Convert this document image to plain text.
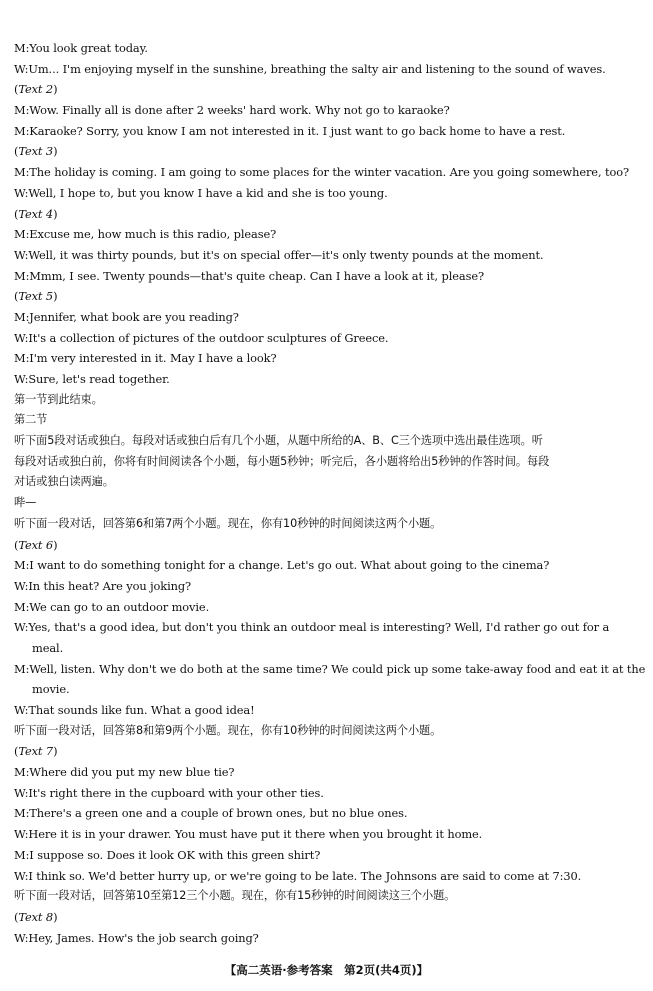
M:You look great today.
W:Um... I'm enjoying myself in the sunshine, breathing the salty air and listening to the sound of waves.
(Text 2)
M:Wow. Finally all is done after 2 weeks' hard work. Why not go to karaoke?
M:Karaoke? Sorry, you know I am not interested in it. I just want to go back home to have a rest.
(Text 3)
M:The holiday is coming. I am going to some places for the winter vacation. Are you going somewhere, too?
W:Well, I hope to, but you know I have a kid and she is too young.
(Text 4)
M:Excuse me, how much is this radio, please?
W:Well, it was thirty pounds, but it's on special offer—it's only twenty pounds at the moment.
M:Mmm, I see. Twenty pounds—that's quite cheap. Can I have a look at it, please?
(Text 5)
M:Jennifer, what book are you reading?
W:It's a collection of pictures of the outdoor sculptures of Greece.
M:I'm very interested in it. May I have a look?
W:Sure, let's read together.
第一节到此结束。
第二节
听下面5段对话或独白。每段对话或独白后有几个小题，从题中所给的A、B、C三个选项中选出最佳选项。听
每段对话或独白前，你将有时间阅读各个小题，每小题5秒钟；听完后，各小题将给出5秒钟的作答时间。每段
对话或独白读两遍。
哔—
听下面一段对话，回答第6和第7两个小题。现在，你有10秒钟的时间阅读这两个小题。
(Text 6)
M:I want to do something tonight for a change. Let's go out. What about going to the cinema?
W:In this heat? Are you joking?
M:We can go to an outdoor movie.
W:Yes, that's a good idea, but don't you think an outdoor meal is interesting? Well, I'd rather go out for a
meal.
M:Well, listen. Why don't we do both at the same time? We could pick up some take-away food and eat it at the
movie.
W:That sounds like fun. What a good idea!
听下面一段对话，回答第8和第9两个小题。现在，你有10秒钟的时间阅读这两个小题。
(Text 7)
M:Where did you put my new blue tie?
W:It's right there in the cupboard with your other ties.
M:There's a green one and a couple of brown ones, but no blue ones.
W:Here it is in your drawer. You must have put it there when you brought it home.
M:I suppose so. Does it look OK with this green shirt?
W:I think so. We'd better hurry up, or we're going to be late. The Johnsons are said to come at 7:30.
听下面一段对话，回答第10至第12三个小题。现在，你有15秒钟的时间阅读这三个小题。
(Text 8)
W:Hey, James. How's the job search going?
【高二英语·参考答案　第2页(共4页)】
